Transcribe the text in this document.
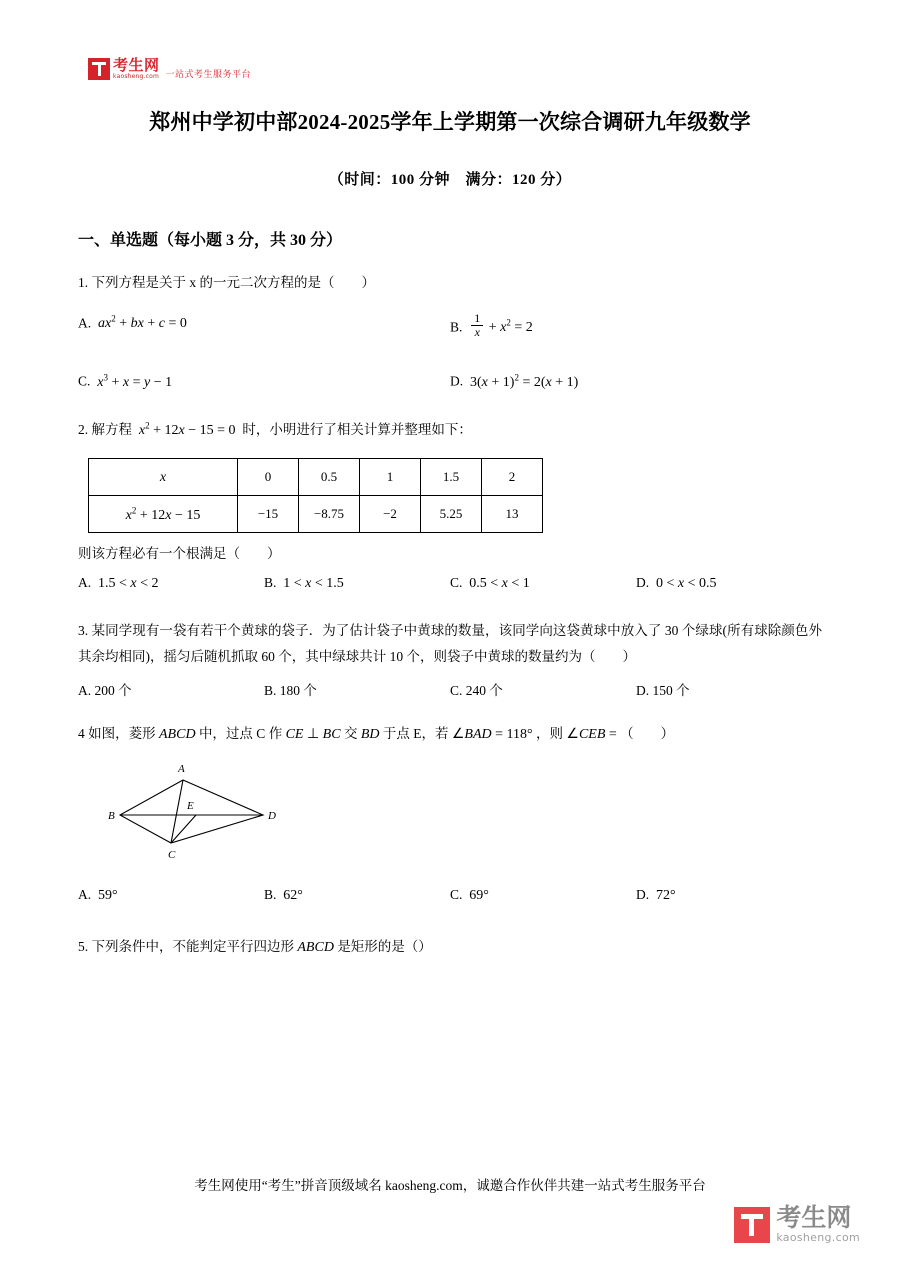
考生网
kaosheng.com 一站式考生服务平台
郑州中学初中部2024-2025学年上学期第一次综合调研九年级数学
（时间：100 分钟　满分：120 分）
一、单选题（每小题 3 分，共 30 分）
1. 下列方程是关于 x 的一元二次方程的是（　　）
A. $ax^2$ + bx + c = 0	B. $\frac{1}{x} + x^2 = 2$
C. $x^3 + x = y - 1$	D.  $3(x + 1)^2 = 2(x + 1)$
2. 解方程 $x^2 + 12x - 15 = 0$  时，小明进行了相关计算并整理如下：
x	0	0.5	1	1.5	2
$x^2 + 12x - 15$	−15	−8.75	−2	5.25	13
则该方程必有一个根满足（　　）
A.  1.5 < x < 2	B.  1 < x < 1.5	C.  0.5 < x < 1	D.  0 < x < 0.5
3. 某同学现有一袋有若干个黄球的袋子．为了估计袋子中黄球的数量，该同学向这袋黄球中放入了 30 个绿球(所有球除颜色外其余均相同)，摇匀后随机抓取 60 个，其中绿球共计 10 个，则袋子中黄球的数量约为（　　）
A. 200 个	B. 180 个	C. 240 个	D. 150 个
4 如图，菱形 ABCD 中，过点 C 作 CE ⊥ BC 交 BD 于点 E，若 ∠BAD = 118° ，则 ∠CEB = （　　）
A
B
C
D
E
A.  59°	B.  62°	C.  69°	D.  72°
5. 下列条件中，不能判定平行四边形 ABCD 是矩形的是（）
考生网使用“考生”拼音顶级域名 kaosheng.com，诚邀合作伙伴共建一站式考生服务平台
考生网
kaosheng.com
